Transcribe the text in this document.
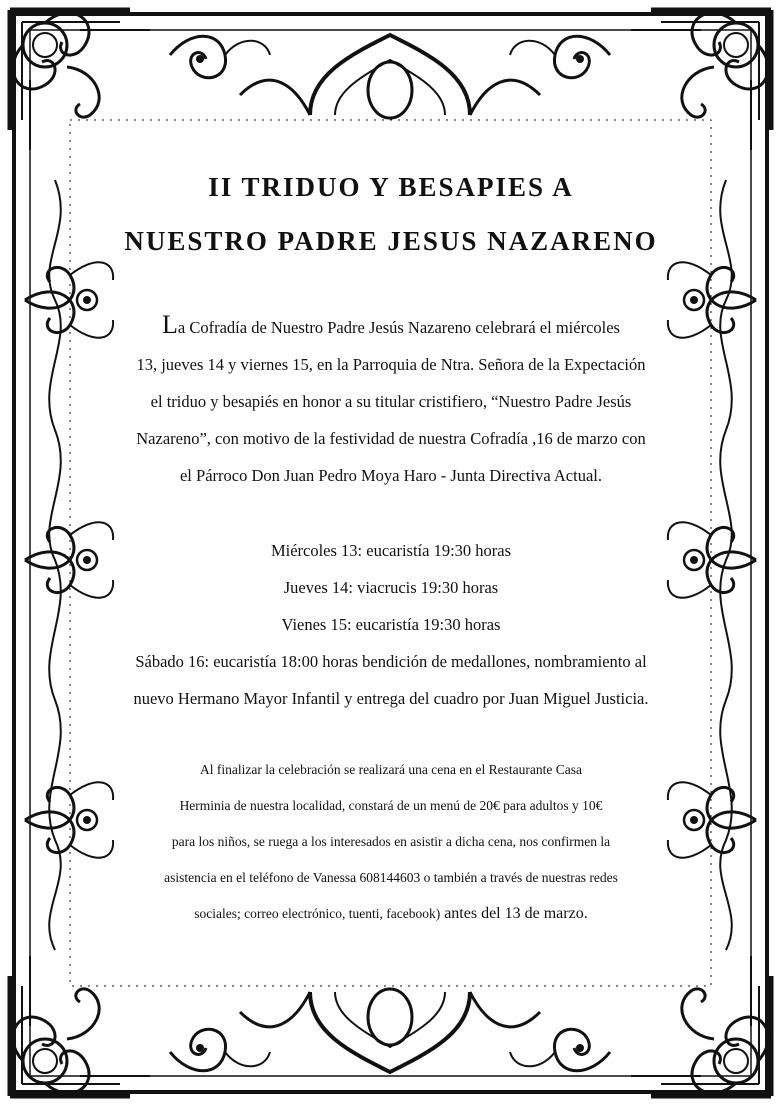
II TRIDUO Y BESAPIES A
NUESTRO PADRE JESUS NAZARENO
La Cofradía de Nuestro Padre Jesús Nazareno celebrará el miércoles
13, jueves 14 y viernes 15, en la Parroquia de Ntra. Señora de la Expectación
el triduo y besapiés en honor a su titular cristifiero, “Nuestro Padre Jesús
Nazareno”, con motivo de la festividad de nuestra Cofradía ,16 de marzo con
el Párroco Don Juan Pedro Moya Haro - Junta Directiva Actual.
Miércoles 13: eucaristía 19:30 horas
Jueves 14: viacrucis 19:30 horas
Vienes 15: eucaristía 19:30 horas
Sábado 16: eucaristía 18:00 horas bendición de medallones, nombramiento al
nuevo Hermano Mayor Infantil y entrega del cuadro por Juan Miguel Justicia.
Al finalizar la celebración se realizará una cena en el Restaurante Casa
Herminia de nuestra localidad, constará de un menú de 20€ para adultos y 10€
para los niños, se ruega a los interesados en asistir a dicha cena, nos confirmen la
asistencia en el teléfono de Vanessa 608144603 o también a través de nuestras redes
sociales; correo electrónico, tuenti, facebook) antes del 13 de marzo.
